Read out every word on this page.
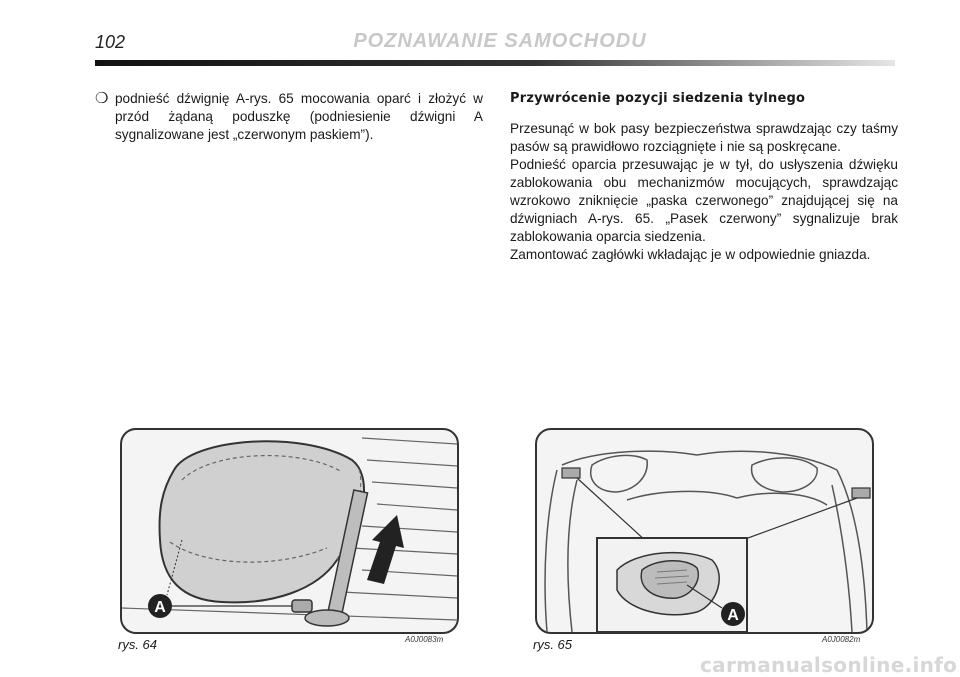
102	POZNAWANIE SAMOCHODU
❍ podnieść dźwignię A-rys. 65 mocowania oparć i złożyć w przód żądaną poduszkę (podniesienie dźwigni A sygnalizowane jest „czerwonym paskiem”).
Przywrócenie pozycji siedzenia tylnego

Przesunąć w bok pasy bezpieczeństwa sprawdzając czy taśmy pasów są prawidłowo rozciągnięte i nie są poskręcane.

Podnieść oparcia przesuwając je w tył, do usłyszenia dźwięku zablokowania obu mechanizmów mocujących, sprawdzając wzrokowo zniknięcie „paska czerwonego” znajdującej się na dźwigniach A-rys. 65. „Pasek czerwony” sygnalizuje brak zablokowania oparcia siedzenia.

Zamontować zagłówki wkładając je w odpowiednie gniazda.

A
rys. 64	A0J0083m
A
rys. 65	A0J0082m
carmanualsonline.info
